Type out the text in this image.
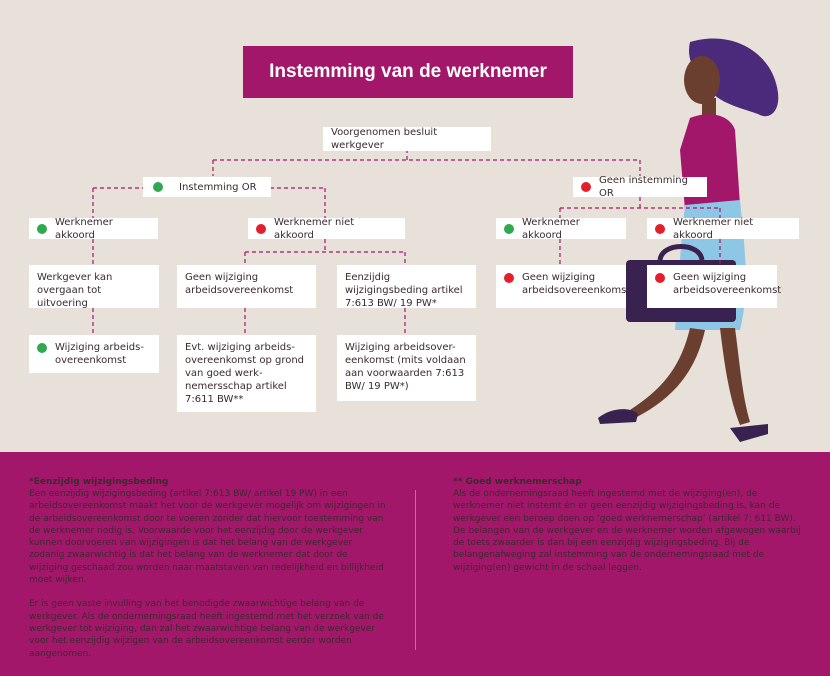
Instemming van de werknemer
Voorgenomen besluit werkgever
Instemming OR
Geen instemming OR
Werknemer akkoord
Werknemer niet akkoord
Werknemer akkoord
Werknemer niet akkoord
Werkgever kan overgaan tot uitvoering
Geen wijziging arbeidsovereenkomst
Eenzijdig wijzigingsbeding artikel 7:613 BW/ 19 PW*
Geen wijziging arbeidsovereenkomst
Geen wijziging arbeidsovereenkomst
Wijziging arbeids-overeenkomst
Evt. wijziging arbeids-overeenkomst op grond van goed werk-nemersschap artikel 7:611 BW**
Wijziging arbeidsover-eenkomst (mits voldaan aan voorwaarden 7:613 BW/ 19 PW*)
*Eenzijdig wijzigingsbeding
Een eenzijdig wijzigingsbeding (artikel 7:613 BW/ artikel 19 PW) in een arbeidsovereenkomst maakt het voor de werkgever mogelijk om wijzigingen in de arbeidsovereenkomst door te voeren zonder dat hiervoor toestemming van de werknemer nodig is. Voorwaarde voor het eenzijdig door de werkgever kunnen doorvoeren van wijzigingen is dat het belang van de werkgever zodanig zwaarwichtig is dat het belang van de werknemer dat door de wijziging geschaad zou worden naar maatstaven van redelijkheid en billijkheid moet wijken.
Er is geen vaste invulling van het benodigde zwaarwichtige belang van de werkgever. Als de ondernemingsraad heeft ingestemd met het verzoek van de werkgever tot wijziging, dan zal het zwaarwichtige belang van de werkgever voor het eenzijdig wijzigen van de arbeidsovereenkomst eerder worden aangenomen.
** Goed werknemerschap
Als de ondernemingsraad heeft ingestemd met de wijziging(en), de werknemer niet instemt én er geen eenzijdig wijzigingsbeding is, kan de werkgever een beroep doen op ‘goed werknemerschap’ (artikel 7: 611 BW). De belangen van de werkgever en de werknemer worden afgewogen waarbij de toets zwaarder is dan bij een eenzijdig wijzigingsbeding. Bij de belangenafweging zal instemming van de ondernemingsraad met de wijziging(en) gewicht in de schaal leggen.
